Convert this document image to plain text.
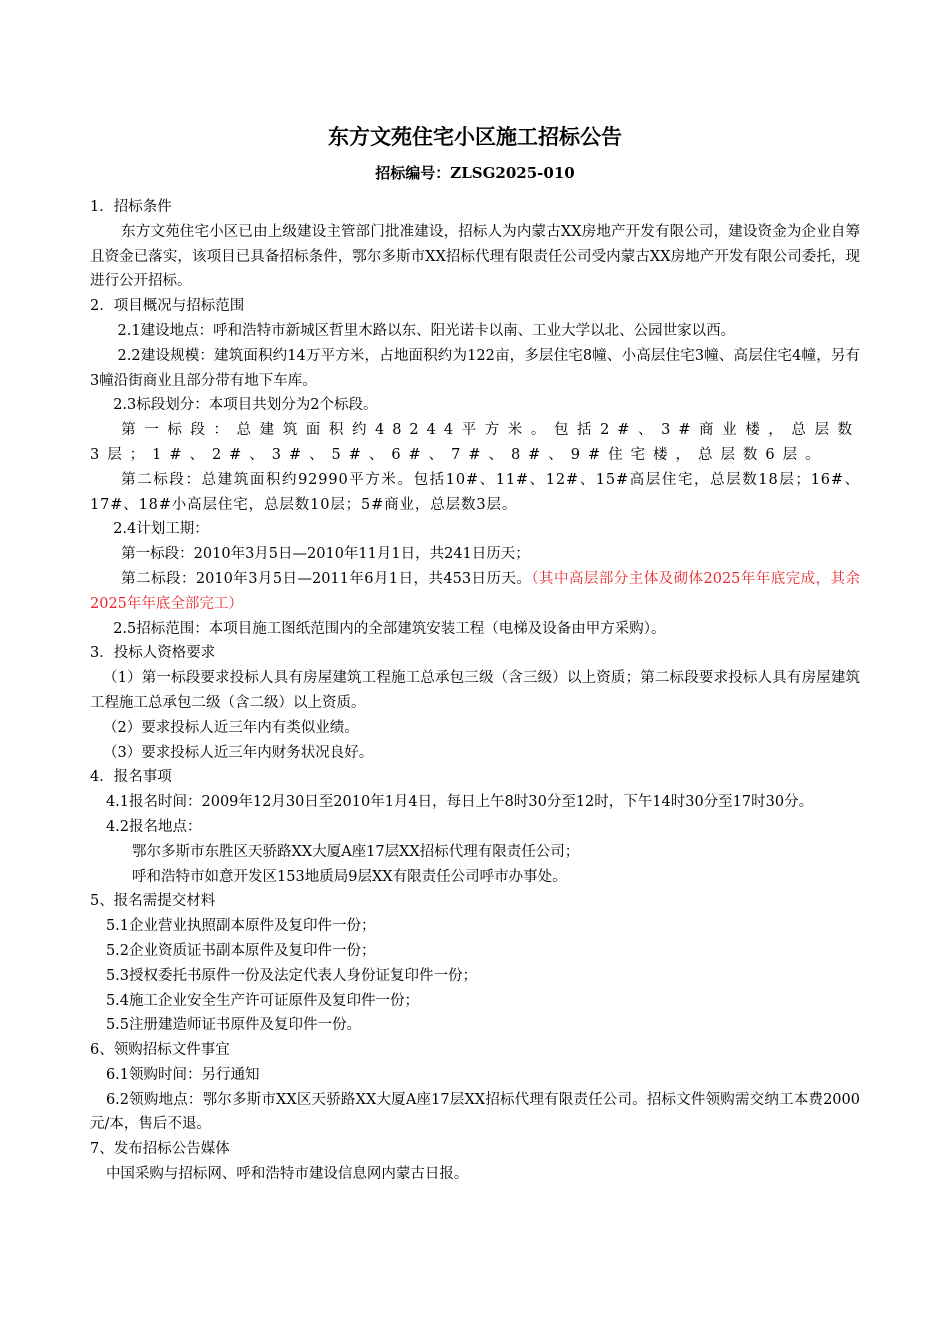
东方文苑住宅小区施工招标公告
招标编号：ZLSG2025-010

1．招标条件

东方文苑住宅小区已由上级建设主管部门批准建设，招标人为内蒙古XX房地产开发有限公司，建设资金为企业自筹且资金已落实，该项目已具备招标条件，鄂尔多斯市XX招标代理有限责任公司受内蒙古XX房地产开发有限公司委托，现进行公开招标。

2．项目概况与招标范围

2.1建设地点：呼和浩特市新城区哲里木路以东、阳光诺卡以南、工业大学以北、公园世家以西。

2.2建设规模：建筑面积约14万平方米，占地面积约为122亩，多层住宅8幢、小高层住宅3幢、高层住宅4幢，另有3幢沿街商业且部分带有地下车库。

2.3标段划分：本项目共划分为2个标段。

第一标段：总建筑面积约48244平方米。包括2#、3#商业楼，总层数3层；1#、2#、3#、5#、6#、7#、8#、9#住宅楼，总层数6层。

第二标段：总建筑面积约92990平方米。包括10#、11#、12#、15#高层住宅，总层数18层；16#、17#、18#小高层住宅，总层数10层；5#商业，总层数3层。

2.4计划工期：

第一标段：2010年3月5日—2010年11月1日，共241日历天；

第二标段：2010年3月5日—2011年6月1日，共453日历天。（其中高层部分主体及砌体2025年年底完成，其余2025年年底全部完工）

2.5招标范围：本项目施工图纸范围内的全部建筑安装工程（电梯及设备由甲方采购）。

3．投标人资格要求

（1）第一标段要求投标人具有房屋建筑工程施工总承包三级（含三级）以上资质；第二标段要求投标人具有房屋建筑工程施工总承包二级（含二级）以上资质。

（2）要求投标人近三年内有类似业绩。

（3）要求投标人近三年内财务状况良好。

4．报名事项

4.1报名时间：2009年12月30日至2010年1月4日，每日上午8时30分至12时，下午14时30分至17时30分。

4.2报名地点：

鄂尔多斯市东胜区天骄路XX大厦A座17层XX招标代理有限责任公司；

呼和浩特市如意开发区153地质局9层XX有限责任公司呼市办事处。

5、报名需提交材料

5.1企业营业执照副本原件及复印件一份；

5.2企业资质证书副本原件及复印件一份；

5.3授权委托书原件一份及法定代表人身份证复印件一份；

5.4施工企业安全生产许可证原件及复印件一份；

5.5注册建造师证书原件及复印件一份。

6、领购招标文件事宜

6.1领购时间：另行通知

6.2领购地点：鄂尔多斯市XX区天骄路XX大厦A座17层XX招标代理有限责任公司。招标文件领购需交纳工本费2000元/本，售后不退。

7、发布招标公告媒体

中国采购与招标网、呼和浩特市建设信息网内蒙古日报。
